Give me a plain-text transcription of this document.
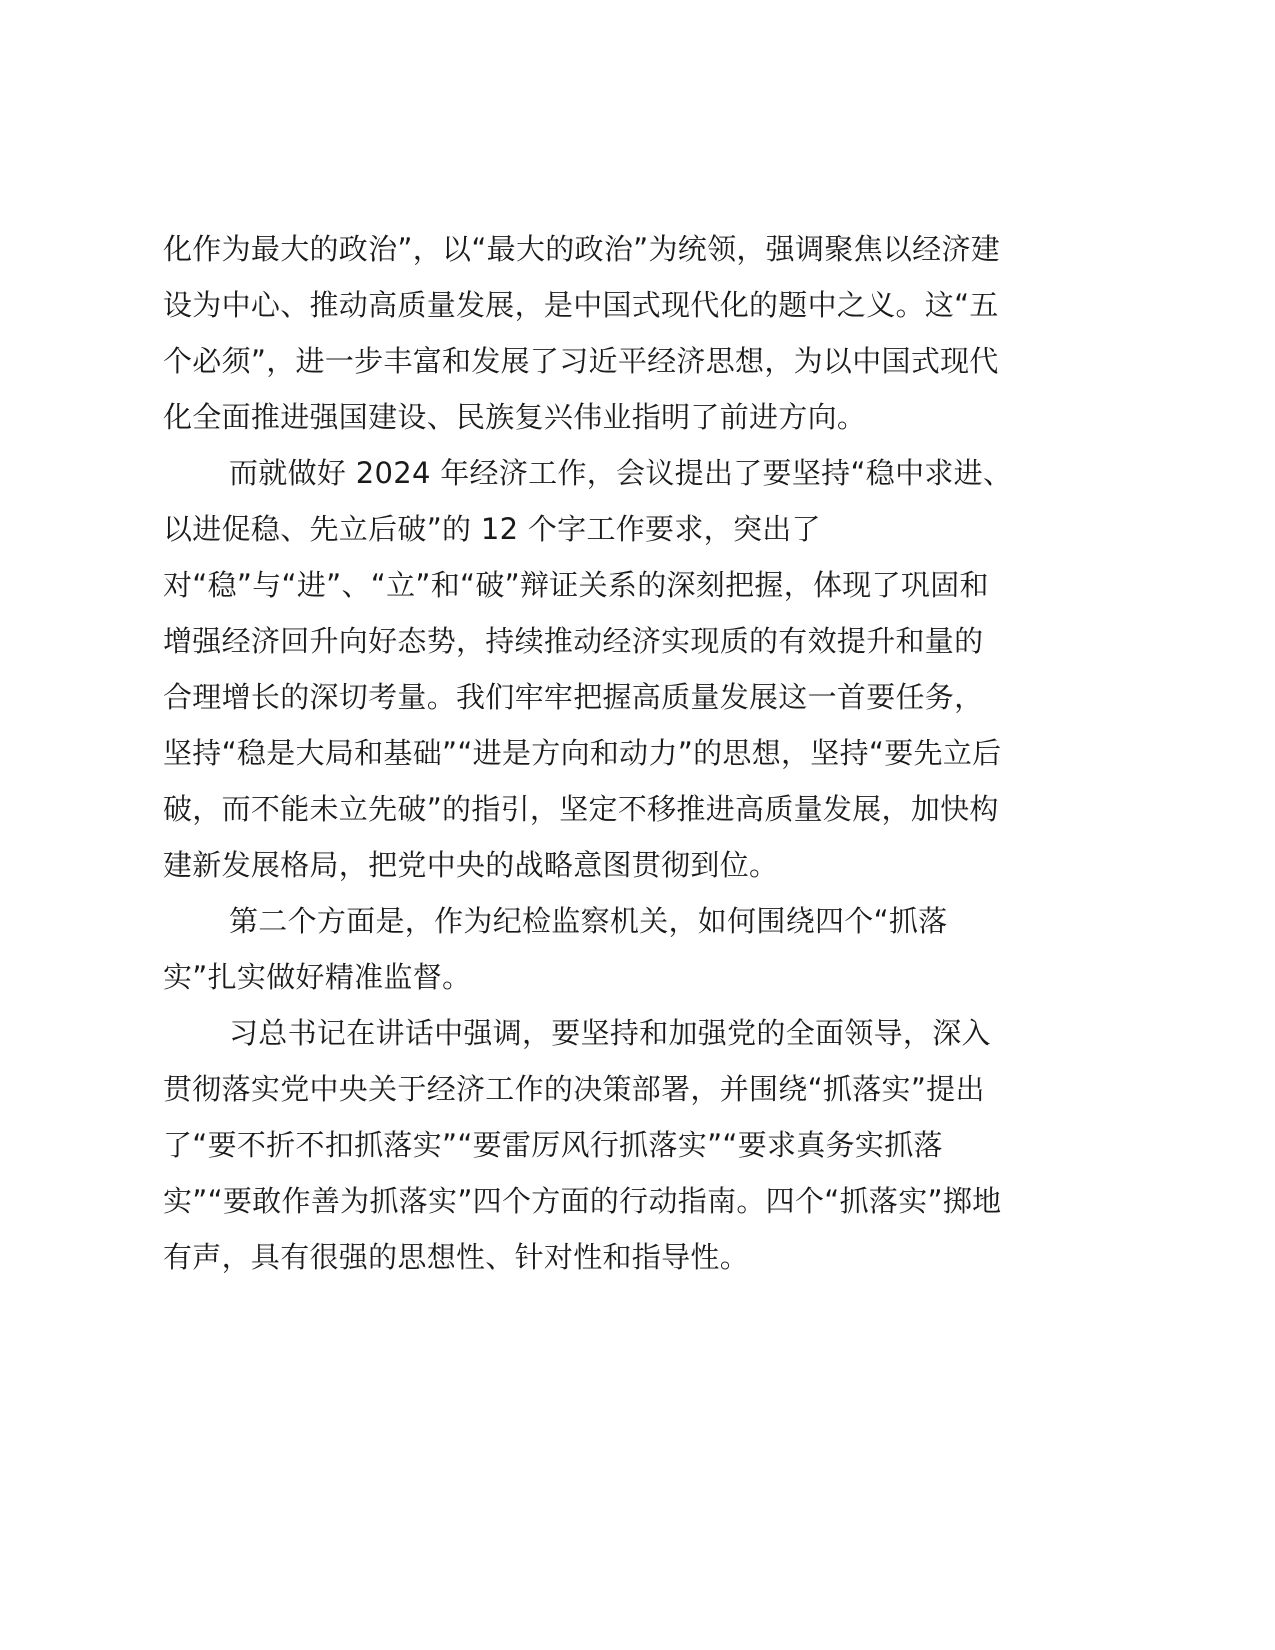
化作为最大的政治”，以“最大的政治”为统领，强调聚焦以经济建
设为中心、推动高质量发展，是中国式现代化的题中之义。这“五
个必须”，进一步丰富和发展了习近平经济思想，为以中国式现代
化全面推进强国建设、民族复兴伟业指明了前进方向。
而就做好 2024 年经济工作，会议提出了要坚持“稳中求进、
以进促稳、先立后破”的 12 个字工作要求，突出了
对“稳”与“进”、“立”和“破”辩证关系的深刻把握，体现了巩固和
增强经济回升向好态势，持续推动经济实现质的有效提升和量的
合理增长的深切考量。我们牢牢把握高质量发展这一首要任务，
坚持“稳是大局和基础”“进是方向和动力”的思想，坚持“要先立后
破，而不能未立先破”的指引，坚定不移推进高质量发展，加快构
建新发展格局，把党中央的战略意图贯彻到位。
第二个方面是，作为纪检监察机关，如何围绕四个“抓落
实”扎实做好精准监督。
习总书记在讲话中强调，要坚持和加强党的全面领导，深入
贯彻落实党中央关于经济工作的决策部署，并围绕“抓落实”提出
了“要不折不扣抓落实”“要雷厉风行抓落实”“要求真务实抓落
实”“要敢作善为抓落实”四个方面的行动指南。四个“抓落实”掷地
有声，具有很强的思想性、针对性和指导性。
